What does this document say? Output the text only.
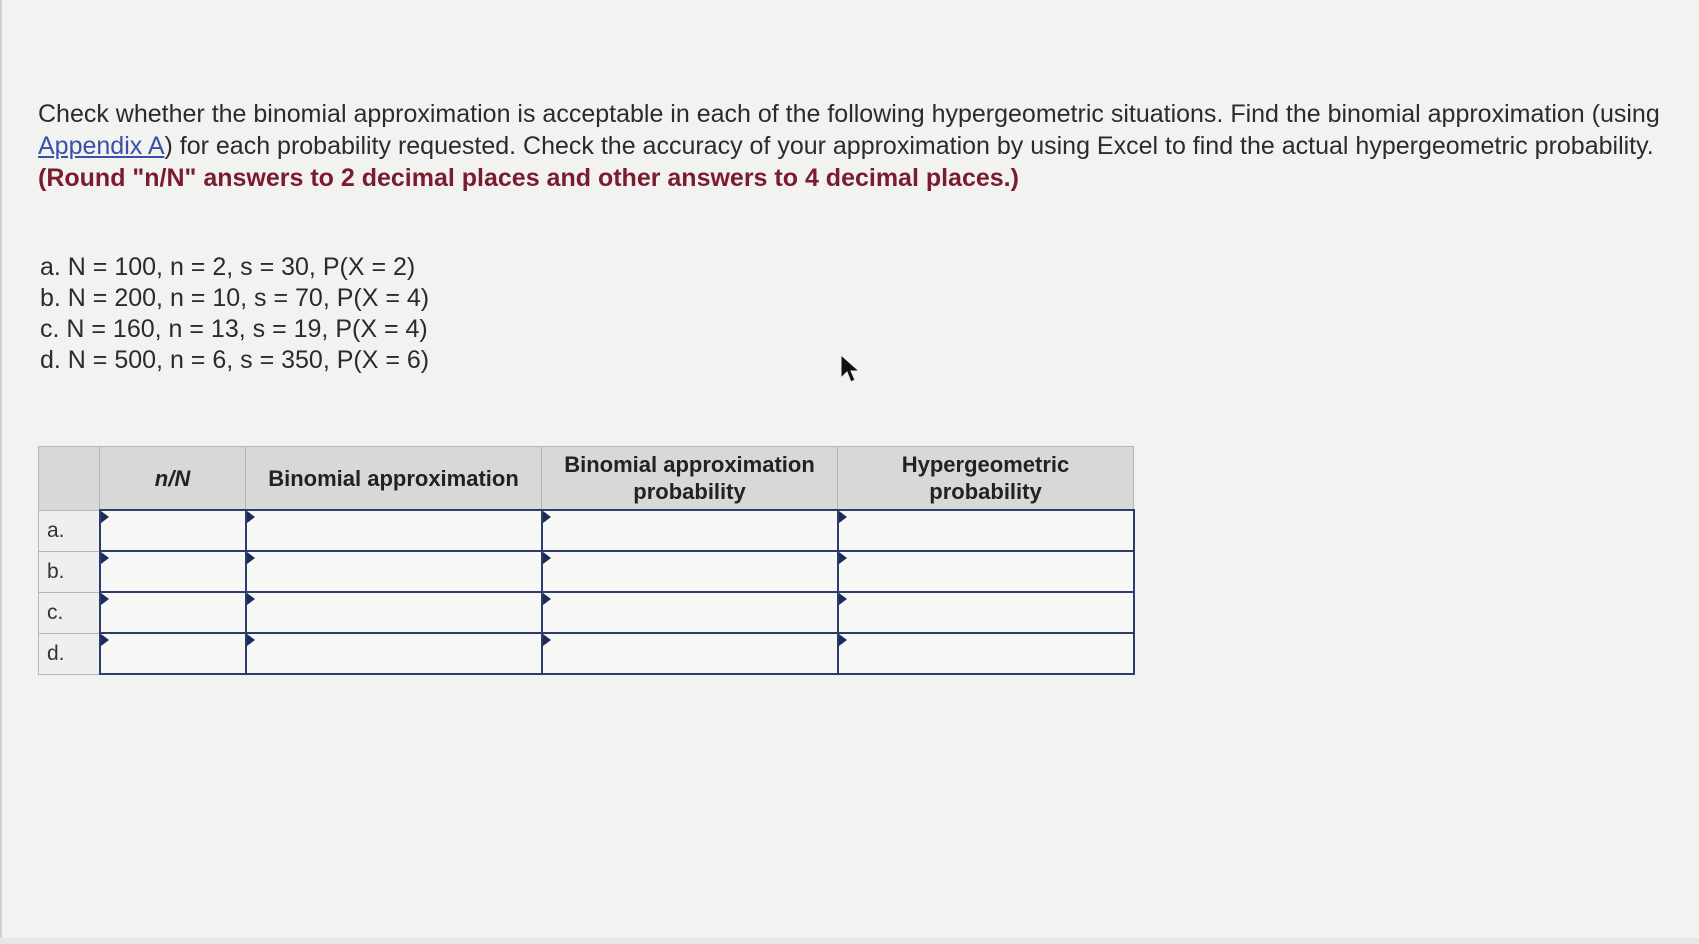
Check whether the binomial approximation is acceptable in each of the following hypergeometric situations. Find the binomial approximation (using Appendix A) for each probability requested. Check the accuracy of your approximation by using Excel to find the actual hypergeometric probability. (Round "n/N" answers to 2 decimal places and other answers to 4 decimal places.)
a. N = 100, n = 2, s = 30, P(X = 2)
b. N = 200, n = 10, s = 70, P(X = 4)
c. N = 160, n = 13, s = 19, P(X = 4)
d. N = 500, n = 6, s = 350, P(X = 6)
	n/N	Binomial approximation	Binomial approximation probability	Hypergeometric probability
a.	

b.	

c.	

d.	
